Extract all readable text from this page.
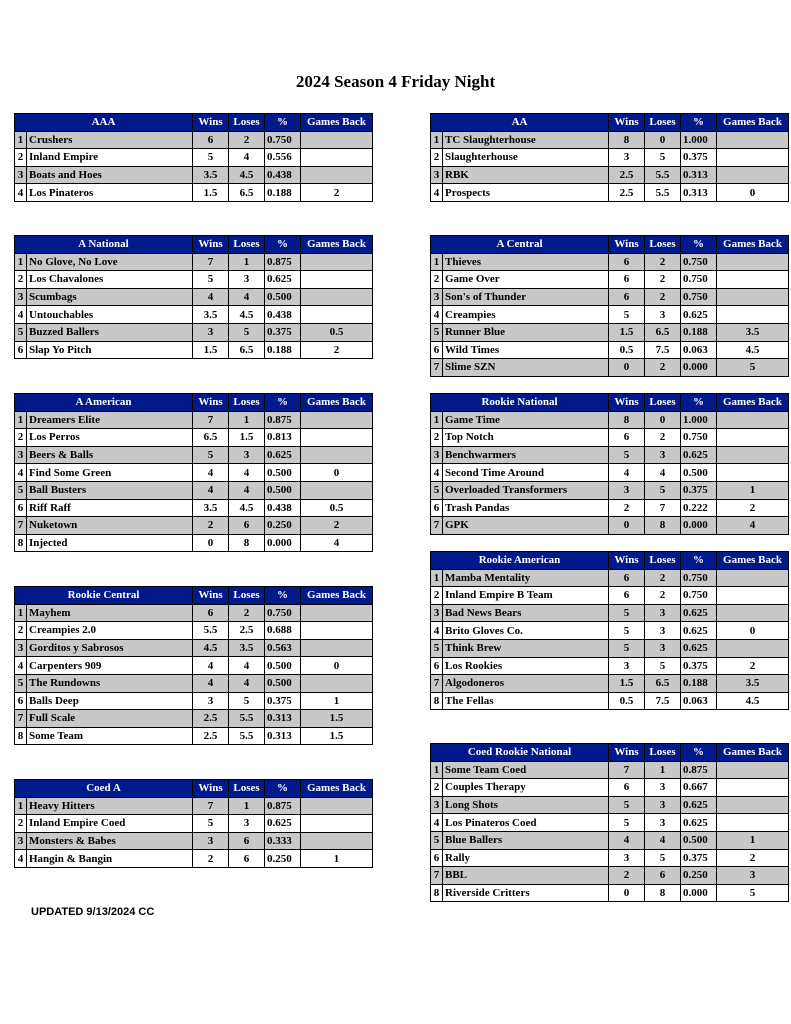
2024 Season 4 Friday Night
AAA		Wins	Loses	%	Games Back
1	Crushers	6	2	0.750	
2	Inland Empire	5	4	0.556	
3	Boats and Hoes	3.5	4.5	0.438	
4	Los Pinateros	1.5	6.5	0.188	2
AA		Wins	Loses	%	Games Back
1	TC Slaughterhouse	8	0	1.000	
2	Slaughterhouse	3	5	0.375	
3	RBK	2.5	5.5	0.313	
4	Prospects	2.5	5.5	0.313	0
A National		Wins	Loses	%	Games Back
1	No Glove, No Love	7	1	0.875	
2	Los Chavalones	5	3	0.625	
3	Scumbags	4	4	0.500	
4	Untouchables	3.5	4.5	0.438	
5	Buzzed Ballers	3	5	0.375	0.5
6	Slap Yo Pitch	1.5	6.5	0.188	2
A Central		Wins	Loses	%	Games Back
1	Thieves	6	2	0.750	
2	Game Over	6	2	0.750	
3	Son's of Thunder	6	2	0.750	
4	Creampies	5	3	0.625	
5	Runner Blue	1.5	6.5	0.188	3.5
6	Wild Times	0.5	7.5	0.063	4.5
7	Slime SZN	0	2	0.000	5
A American		Wins	Loses	%	Games Back
1	Dreamers Elite	7	1	0.875	
2	Los Perros	6.5	1.5	0.813	
3	Beers & Balls	5	3	0.625	
4	Find Some Green	4	4	0.500	0
5	Ball Busters	4	4	0.500	
6	Riff Raff	3.5	4.5	0.438	0.5
7	Nuketown	2	6	0.250	2
8	Injected	0	8	0.000	4
Rookie National		Wins	Loses	%	Games Back
1	Game Time	8	0	1.000	
2	Top Notch	6	2	0.750	
3	Benchwarmers	5	3	0.625	
4	Second Time Around	4	4	0.500	
5	Overloaded Transformers	3	5	0.375	1
6	Trash Pandas	2	7	0.222	2
7	GPK	0	8	0.000	4
Rookie American		Wins	Loses	%	Games Back
1	Mamba Mentality	6	2	0.750	
2	Inland Empire B Team	6	2	0.750	
3	Bad News Bears	5	3	0.625	
4	Brito Gloves Co.	5	3	0.625	0
5	Think Brew	5	3	0.625	
6	Los Rookies	3	5	0.375	2
7	Algodoneros	1.5	6.5	0.188	3.5
8	The Fellas	0.5	7.5	0.063	4.5
Rookie Central		Wins	Loses	%	Games Back
1	Mayhem	6	2	0.750	
2	Creampies 2.0	5.5	2.5	0.688	
3	Gorditos y Sabrosos	4.5	3.5	0.563	
4	Carpenters 909	4	4	0.500	0
5	The Rundowns	4	4	0.500	
6	Balls Deep	3	5	0.375	1
7	Full Scale	2.5	5.5	0.313	1.5
8	Some Team	2.5	5.5	0.313	1.5
Coed Rookie National		Wins	Loses	%	Games Back
1	Some Team Coed	7	1	0.875	
2	Couples Therapy	6	3	0.667	
3	Long Shots	5	3	0.625	
4	Los Pinateros Coed	5	3	0.625	
5	Blue Ballers	4	4	0.500	1
6	Rally	3	5	0.375	2
7	BBL	2	6	0.250	3
8	Riverside Critters	0	8	0.000	5
Coed A		Wins	Loses	%	Games Back
1	Heavy Hitters	7	1	0.875	
2	Inland Empire Coed	5	3	0.625	
3	Monsters & Babes	3	6	0.333	
4	Hangin & Bangin	2	6	0.250	1
UPDATED 9/13/2024 CC
